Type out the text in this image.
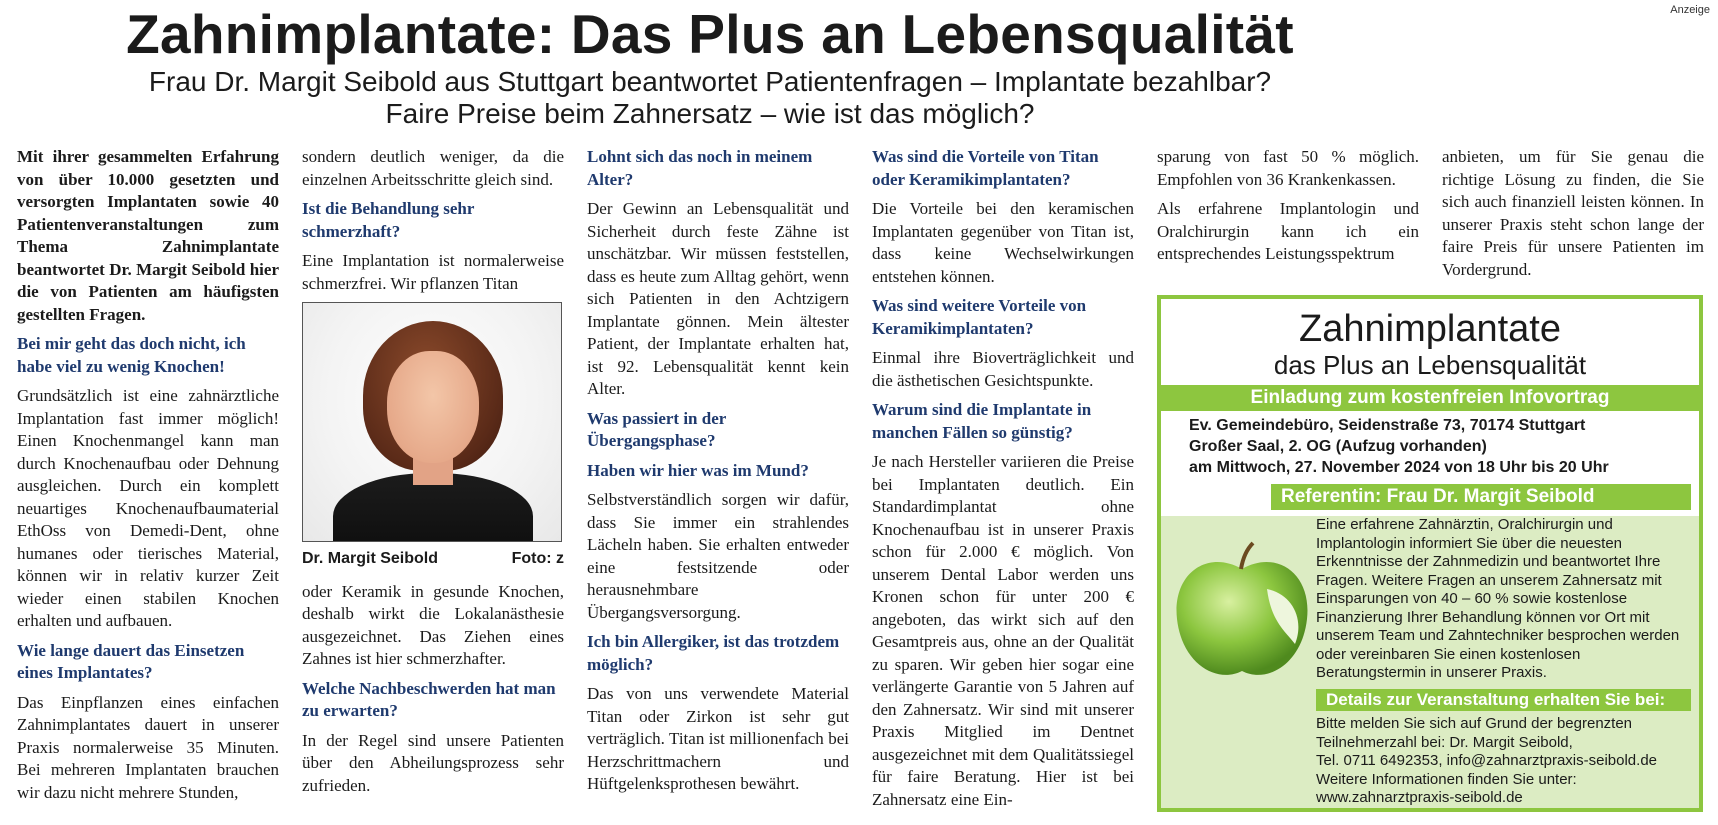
Anzeige
Zahnimplantate: Das Plus an Lebensqualität
Frau Dr. Margit Seibold aus Stuttgart beantwortet Patientenfragen – Implantate bezahlbar?
Faire Preise beim Zahnersatz – wie ist das möglich?

Mit ihrer gesammelten Erfahrung von über 10.000 gesetzten und versorgten Implantaten sowie 40 Patientenveranstaltungen zum Thema Zahnimplantate beantwortet Dr. Margit Seibold hier die von Patienten am häufigsten gestellten Fragen.

Bei mir geht das doch nicht, ich habe viel zu wenig Knochen!

Grundsätzlich ist eine zahnärztliche Implantation fast immer möglich! Einen Knochenmangel kann man durch Knochenaufbau oder Dehnung ausgleichen. Durch ein komplett neuartiges Knochenaufbaumaterial EthOss von Demedi-Dent, ohne humanes oder tierisches Material, können wir in relativ kurzer Zeit wieder einen stabilen Knochen erhalten und aufbauen.

Wie lange dauert das Einsetzen eines Implantates?

Das Einpflanzen eines einfachen Zahnimplantates dauert in unserer Praxis normalerweise 35 Minuten. Bei mehreren Implantaten brauchen wir dazu nicht mehrere Stunden,

sondern deutlich weniger, da die einzelnen Arbeitsschritte gleich sind.

Ist die Behandlung sehr schmerzhaft?

Eine Implantation ist normalerweise schmerzfrei. Wir pflanzen Titan

Dr. Margit Seibold	Foto: z

oder Keramik in gesunde Knochen, deshalb wirkt die Lokalanästhesie ausgezeichnet. Das Ziehen eines Zahnes ist hier schmerzhafter.

Welche Nachbeschwerden hat man zu erwarten?

In der Regel sind unsere Patienten über den Abheilungsprozess sehr zufrieden.

Lohnt sich das noch in meinem Alter?

Der Gewinn an Lebensqualität und Sicherheit durch feste Zähne ist unschätzbar. Wir müssen feststellen, dass es heute zum Alltag gehört, wenn sich Patienten in den Achtzigern Implantate gönnen. Mein ältester Patient, der Implantate erhalten hat, ist 92. Lebensqualität kennt kein Alter.

Was passiert in der Übergangsphase?
Haben wir hier was im Mund?

Selbstverständlich sorgen wir dafür, dass Sie immer ein strahlendes Lächeln haben. Sie erhalten entweder eine festsitzende oder herausnehmbare Übergangsversorgung.

Ich bin Allergiker, ist das trotzdem möglich?

Das von uns verwendete Material Titan oder Zirkon ist sehr gut verträglich. Titan ist millionenfach bei Herzschrittmachern und Hüftgelenksprothesen bewährt.

Was sind die Vorteile von Titan oder Keramikimplantaten?

Die Vorteile bei den keramischen Implantaten gegenüber von Titan ist, dass keine Wechselwirkungen entstehen können.

Was sind weitere Vorteile von Keramikimplantaten?

Einmal ihre Bioverträglichkeit und die ästhetischen Gesichtspunkte.

Warum sind die Implantate in manchen Fällen so günstig?

Je nach Hersteller variieren die Preise bei Implantaten deutlich. Ein Standardimplantat ohne Knochenaufbau ist in unserer Praxis schon für 2.000 € möglich. Von unserem Dental Labor werden uns Kronen schon für unter 200 € angeboten, das wirkt sich auf den Gesamtpreis aus, ohne an der Qualität zu sparen. Wir geben hier sogar eine verlängerte Garantie von 5 Jahren auf den Zahnersatz. Wir sind mit unserer Praxis Mitglied im Dentnet ausgezeichnet mit dem Qualitätssiegel für faire Beratung. Hier ist bei Zahnersatz eine Ein-

sparung von fast 50 % möglich. Empfohlen von 36 Krankenkassen.

Als erfahrene Implantologin und Oralchirurgin kann ich ein entsprechendes Leistungsspektrum

anbieten, um für Sie genau die richtige Lösung zu finden, die Sie sich auch finanziell leisten können. In unserer Praxis steht schon lange der faire Preis für unsere Patienten im Vordergrund.

Zahnimplantate
das Plus an Lebensqualität
Einladung zum kostenfreien Infovortrag
Ev. Gemeindebüro, Seidenstraße 73, 70174 Stuttgart
Großer Saal, 2. OG (Aufzug vorhanden)
am Mittwoch, 27. November 2024 von 18 Uhr bis 20 Uhr
Referentin: Frau Dr. Margit Seibold
Eine erfahrene Zahnärztin, Oralchirurgin und Implantologin informiert Sie über die neuesten Erkenntnisse der Zahnmedizin und beantwortet Ihre Fragen. Weitere Fragen an unserem Zahnersatz mit Einsparungen von 40 – 60 % sowie kostenlose Finanzierung Ihrer Behandlung können vor Ort mit unserem Team und Zahntechniker besprochen werden oder vereinbaren Sie einen kostenlosen Beratungstermin in unserer Praxis.
Details zur Veranstaltung erhalten Sie bei:
Bitte melden Sie sich auf Grund der begrenzten Teilnehmerzahl bei: Dr. Margit Seibold,
Tel. 0711 6492353, info@zahnarztpraxis-seibold.de
Weitere Informationen finden Sie unter:
www.zahnarztpraxis-seibold.de
